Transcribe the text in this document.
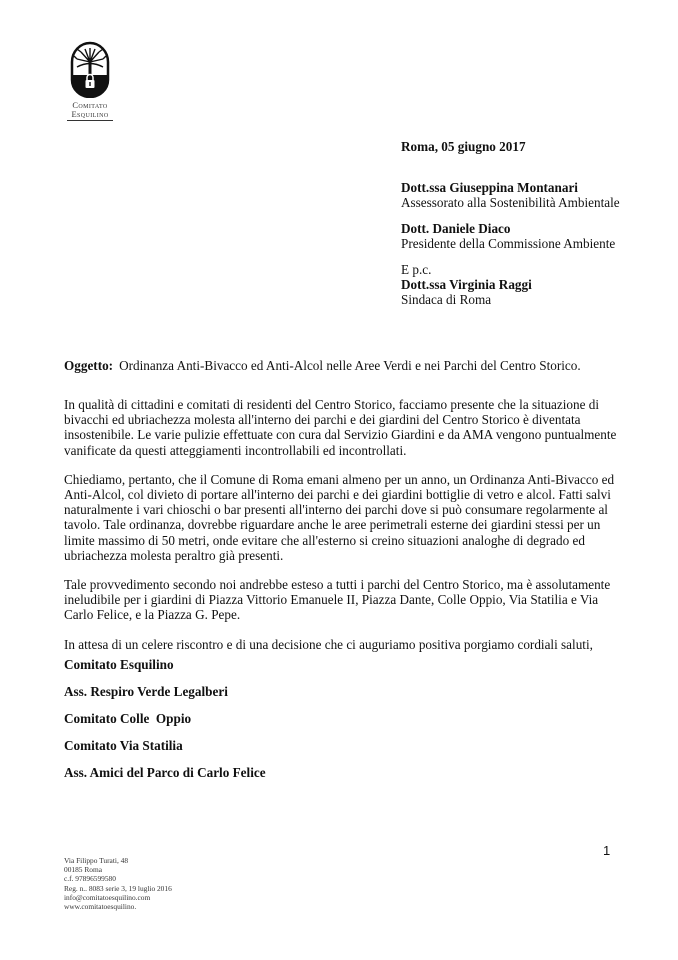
Comitato
Esquilino
Roma, 05 giugno 2017
Dott.ssa Giuseppina Montanari
Assessorato alla Sostenibilità Ambientale
Dott. Daniele Diaco
Presidente della Commissione Ambiente
E p.c.
Dott.ssa Virginia Raggi
Sindaca di Roma
Oggetto: Ordinanza Anti-Bivacco ed Anti-Alcol nelle Aree Verdi e nei Parchi del Centro Storico.

In qualità di cittadini e comitati di residenti del Centro Storico, facciamo presente che la situazione di bivacchi ed ubriachezza molesta all'interno dei parchi e dei giardini del Centro Storico è diventata insostenibile. Le varie pulizie effettuate con cura dal Servizio Giardini e da AMA vengono puntualmente vanificate da questi atteggiamenti incontrollabili ed incontrollati.

Chiediamo, pertanto, che il Comune di Roma emani almeno per un anno, un Ordinanza Anti-Bivacco ed Anti-Alcol, col divieto di portare all'interno dei parchi e dei giardini bottiglie di vetro e alcol. Fatti salvi naturalmente i vari chioschi o bar presenti all'interno dei parchi dove si può consumare regolarmente al tavolo. Tale ordinanza, dovrebbe riguardare anche le aree perimetrali esterne dei giardini stessi per un limite massimo di 50 metri, onde evitare che all'esterno si creino situazioni analoghe di degrado ed ubriachezza molesta peraltro già presenti.

Tale provvedimento secondo noi andrebbe esteso a tutti i parchi del Centro Storico, ma è assolutamente ineludibile per i giardini di Piazza Vittorio Emanuele II, Piazza Dante, Colle Oppio, Via Statilia e Via Carlo Felice, e la Piazza G. Pepe.

In attesa di un celere riscontro e di una decisione che ci auguriamo positiva porgiamo cordiali saluti,

Comitato Esquilino
Ass. Respiro Verde Legalberi
Comitato Colle  Oppio
Comitato Via Statilia
Ass. Amici del Parco di Carlo Felice
1
Via Filippo Turati, 48
00185 Roma
c.f. 97896599580
Reg. n.. 8083 serie 3, 19 luglio 2016
info@comitatoesquilino.com
www.comitatoesquilino.
